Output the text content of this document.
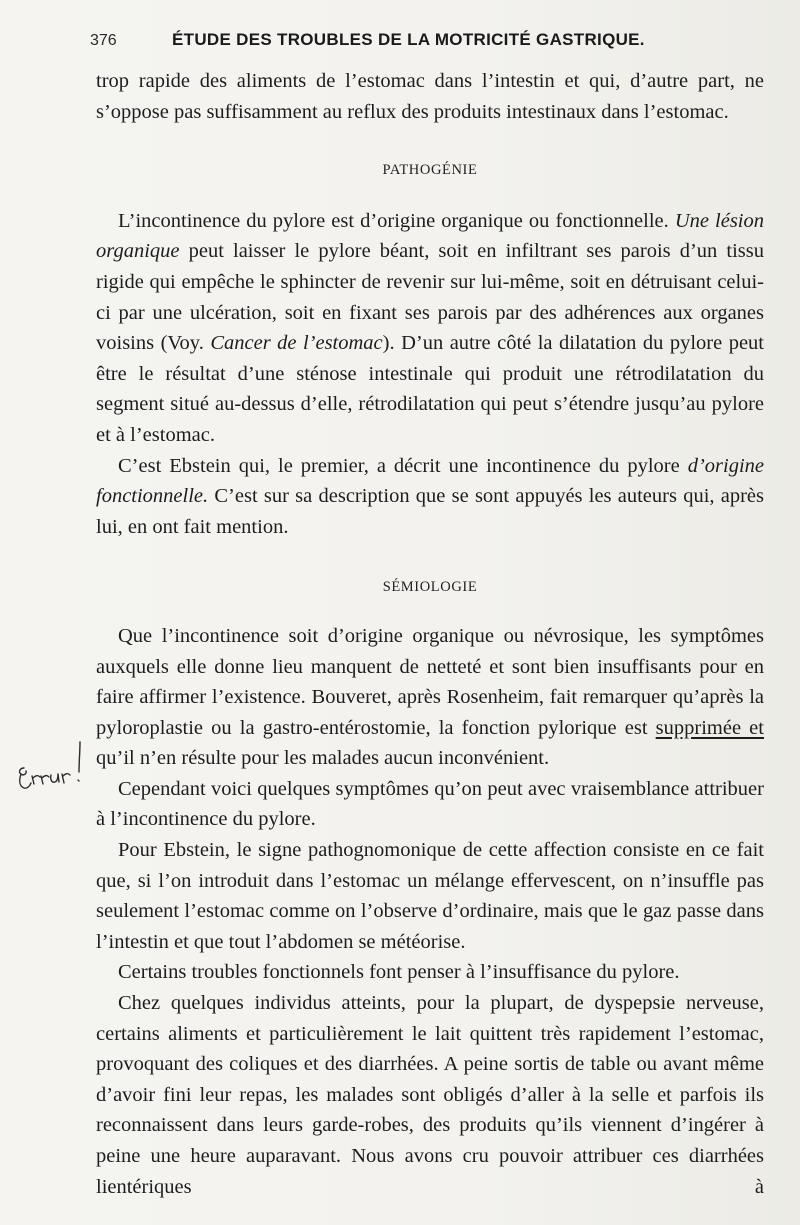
376	ÉTUDE DES TROUBLES DE LA MOTRICITÉ GASTRIQUE.

trop rapide des aliments de l’estomac dans l’intestin et qui, d’autre part, ne s’oppose pas suffisamment au reflux des produits intestinaux dans l’estomac.

PATHOGÉNIE

L’incontinence du pylore est d’origine organique ou fonctionnelle. Une lésion organique peut laisser le pylore béant, soit en infiltrant ses parois d’un tissu rigide qui empêche le sphincter de revenir sur lui-même, soit en détruisant celui-ci par une ulcération, soit en fixant ses parois par des adhérences aux organes voisins (Voy. Cancer de l’estomac). D’un autre côté la dilatation du pylore peut être le résultat d’une sténose intestinale qui produit une rétrodilatation du segment situé au-dessus d’elle, rétrodilatation qui peut s’étendre jusqu’au pylore et à l’estomac.

C’est Ebstein qui, le premier, a décrit une incontinence du pylore d’origine fonctionnelle. C’est sur sa description que se sont appuyés les auteurs qui, après lui, en ont fait mention.

SÉMIOLOGIE

Que l’incontinence soit d’origine organique ou névrosique, les symptômes auxquels elle donne lieu manquent de netteté et sont bien insuffisants pour en faire affirmer l’existence. Bouveret, après Rosenheim, fait remarquer qu’après la pyloroplastie ou la gastro-entérostomie, la fonction pylorique est supprimée et qu’il n’en résulte pour les malades aucun inconvénient.

Cependant voici quelques symptômes qu’on peut avec vraisemblance attribuer à l’incontinence du pylore.

Pour Ebstein, le signe pathognomonique de cette affection consiste en ce fait que, si l’on introduit dans l’estomac un mélange effervescent, on n’insuffle pas seulement l’estomac comme on l’observe d’ordinaire, mais que le gaz passe dans l’intestin et que tout l’abdomen se météorise.

Certains troubles fonctionnels font penser à l’insuffisance du pylore.

Chez quelques individus atteints, pour la plupart, de dyspepsie nerveuse, certains aliments et particulièrement le lait quittent très rapidement l’estomac, provoquant des coliques et des diarrhées. A peine sortis de table ou avant même d’avoir fini leur repas, les malades sont obligés d’aller à la selle et parfois ils reconnaissent dans leurs garde-robes, des produits qu’ils viennent d’ingérer à peine une heure auparavant. Nous avons cru pouvoir attribuer ces diarrhées lientériques à
